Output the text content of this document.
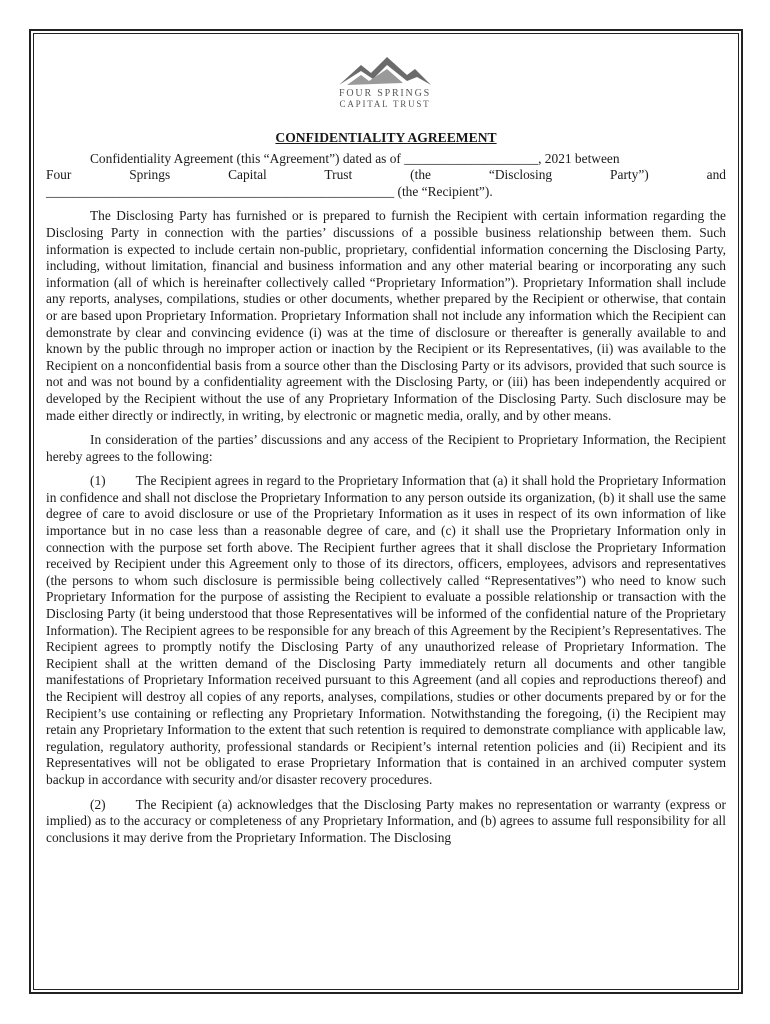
FOUR SPRINGS
CAPITAL TRUST
CONFIDENTIALITY AGREEMENT

Confidentiality Agreement (this “Agreement”) dated as of ____________________, 2021 between

Four Springs Capital Trust (the “Disclosing Party”) and

____________________________________________________ (the “Recipient”).

The Disclosing Party has furnished or is prepared to furnish the Recipient with certain information regarding the Disclosing Party in connection with the parties’ discussions of a possible business relationship between them. Such information is expected to include certain non-public, proprietary, confidential information concerning the Disclosing Party, including, without limitation, financial and business information and any other material bearing or incorporating any such information (all of which is hereinafter collectively called “Proprietary Information”). Proprietary Information shall include any reports, analyses, compilations, studies or other documents, whether prepared by the Recipient or otherwise, that contain or are based upon Proprietary Information. Proprietary Information shall not include any information which the Recipient can demonstrate by clear and convincing evidence (i) was at the time of disclosure or thereafter is generally available to and known by the public through no improper action or inaction by the Recipient or its Representatives, (ii) was available to the Recipient on a nonconfidential basis from a source other than the Disclosing Party or its advisors, provided that such source is not and was not bound by a confidentiality agreement with the Disclosing Party, or (iii) has been independently acquired or developed by the Recipient without the use of any Proprietary Information of the Disclosing Party. Such disclosure may be made either directly or indirectly, in writing, by electronic or magnetic media, orally, and by other means.

In consideration of the parties’ discussions and any access of the Recipient to Proprietary Information, the Recipient hereby agrees to the following:

(1) The Recipient agrees in regard to the Proprietary Information that (a) it shall hold the Proprietary Information in confidence and shall not disclose the Proprietary Information to any person outside its organization, (b) it shall use the same degree of care to avoid disclosure or use of the Proprietary Information as it uses in respect of its own information of like importance but in no case less than a reasonable degree of care, and (c) it shall use the Proprietary Information only in connection with the purpose set forth above. The Recipient further agrees that it shall disclose the Proprietary Information received by Recipient under this Agreement only to those of its directors, officers, employees, advisors and representatives (the persons to whom such disclosure is permissible being collectively called “Representatives”) who need to know such Proprietary Information for the purpose of assisting the Recipient to evaluate a possible relationship or transaction with the Disclosing Party (it being understood that those Representatives will be informed of the confidential nature of the Proprietary Information). The Recipient agrees to be responsible for any breach of this Agreement by the Recipient’s Representatives. The Recipient agrees to promptly notify the Disclosing Party of any unauthorized release of Proprietary Information. The Recipient shall at the written demand of the Disclosing Party immediately return all documents and other tangible manifestations of Proprietary Information received pursuant to this Agreement (and all copies and reproductions thereof) and the Recipient will destroy all copies of any reports, analyses, compilations, studies or other documents prepared by or for the Recipient’s use containing or reflecting any Proprietary Information. Notwithstanding the foregoing, (i) the Recipient may retain any Proprietary Information to the extent that such retention is required to demonstrate compliance with applicable law, regulation, regulatory authority, professional standards or Recipient’s internal retention policies and (ii) Recipient and its Representatives will not be obligated to erase Proprietary Information that is contained in an archived computer system backup in accordance with security and/or disaster recovery procedures.

(2) The Recipient (a) acknowledges that the Disclosing Party makes no representation or warranty (express or implied) as to the accuracy or completeness of any Proprietary Information, and (b) agrees to assume full responsibility for all conclusions it may derive from the Proprietary Information. The Disclosing
